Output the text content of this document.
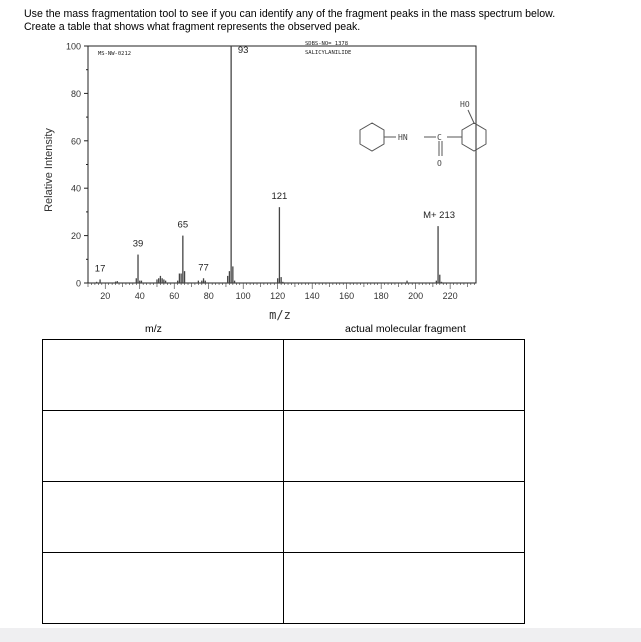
Use the mass fragmentation tool to see if you can identify any of the fragment peaks in the mass spectrum below.
Create a table that shows what fragment represents the observed peak.
0
20
40
60
80
100
20	40	60	80 100 120 140 160 180 200 220
17
39
65
77
93
121
M+ 213
Relative Intensity
m/z
MS-NW-0212
SDBS-NO= 1378
SALICYLANILIDE
HO
HN	C
O
m/z	actual molecular fragment
